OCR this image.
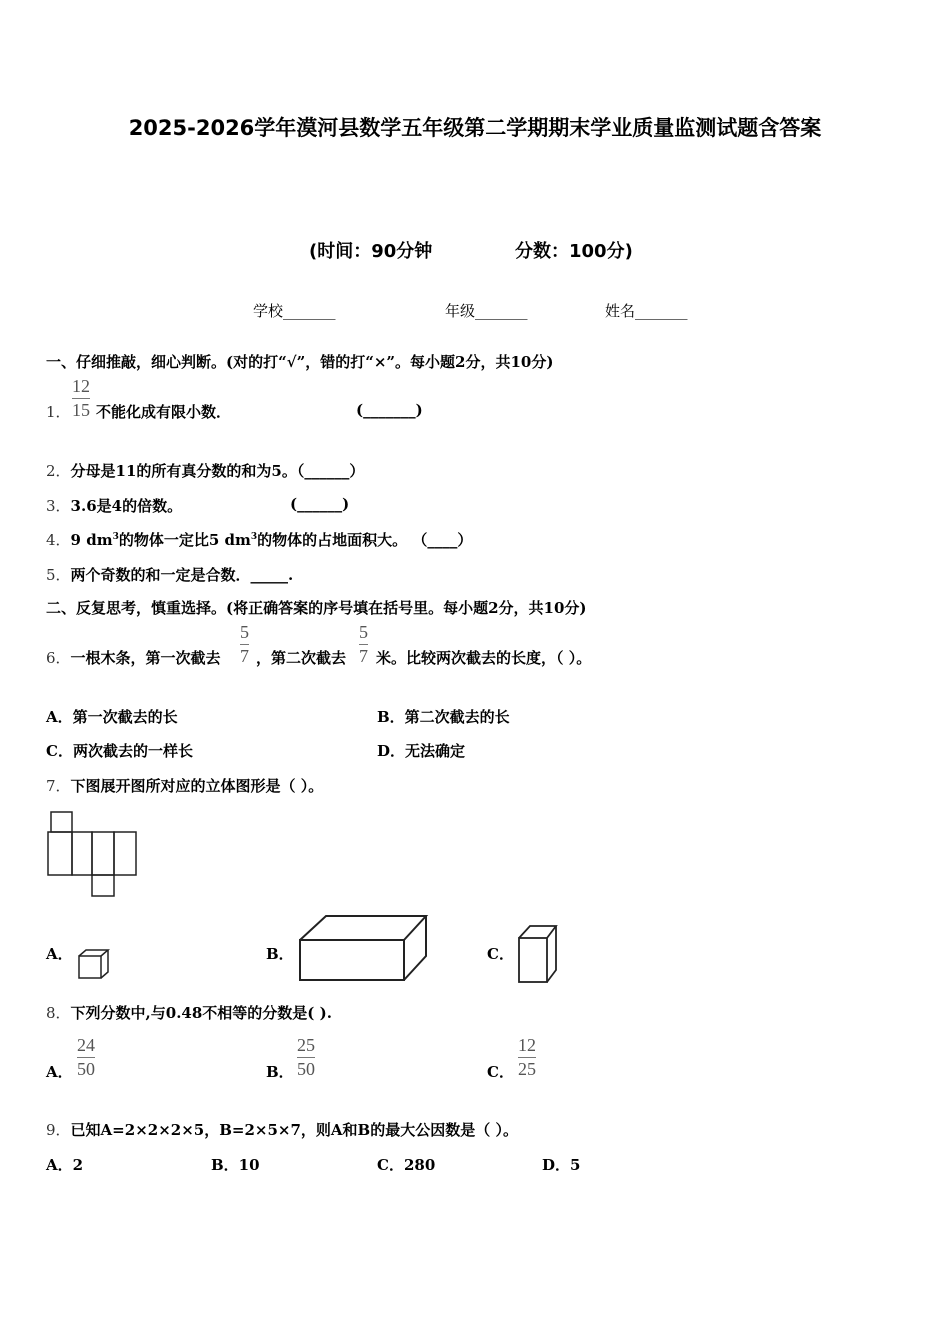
2025-2026学年漠河县数学五年级第二学期期末学业质量监测试题含答案
(时间：90分钟	分数：100分)
学校_______	年级_______	姓名_______
一、仔细推敲，细心判断。(对的打“√”，错的打“×”。每小题2分，共10分)
1．
12
15 不能化成有限小数．	(_______)
2．分母是11的所有真分数的和为5。（______）
3．3.6是4的倍数。	(______)
4．9 $dm^3$的物体一定比5 $dm^3$的物体的占地面积大。 （____）
5．两个奇数的和一定是合数．_____.
二、反复思考，慎重选择。(将正确答案的序号填在括号里。每小题2分，共10分)
6．一根木条，第一次截去
5
7 ，第二次截去
5
7 米。比较两次截去的长度，（ ）。
A．第一次截去的长	B．第二次截去的长
C．两次截去的一样长	D．无法确定
7．下图展开图所对应的立体图形是（ ）。
A．	B．	C．
8．下列分数中,与0.48不相等的分数是( ).
A．
24
50	B．
25
50	C．
12
25
9．已知A=2×2×2×5，B=2×5×7，则A和B的最大公因数是（ ）。
A．2	B．10	C．280	D．5
